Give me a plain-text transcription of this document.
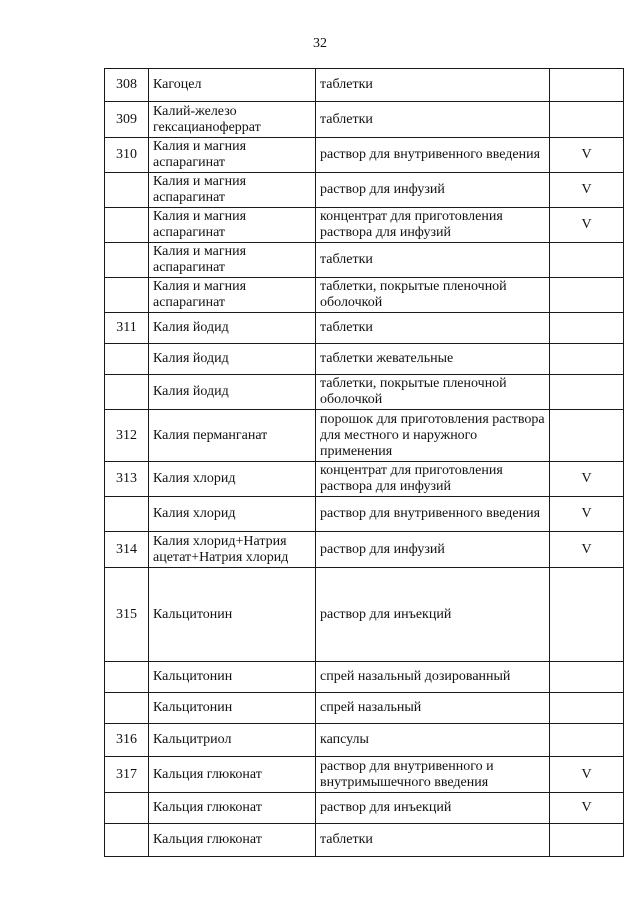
32
308	Кагоцел	таблетки	
309	Калий-железо гексацианоферрат	таблетки	
310	Калия и магния аспарагинат	раствор для внутривенного введения	V
	Калия и магния аспарагинат	раствор для инфузий	V
	Калия и магния аспарагинат	концентрат для приготовления раствора для инфузий	V
	Калия и магния аспарагинат	таблетки	
	Калия и магния аспарагинат	таблетки, покрытые пленочной оболочкой	
311	Калия йодид	таблетки	
	Калия йодид	таблетки жевательные	
	Калия йодид	таблетки, покрытые пленочной оболочкой	
312	Калия перманганат	порошок для приготовления раствора для местного и наружного применения	
313	Калия хлорид	концентрат для приготовления раствора для инфузий	V
	Калия хлорид	раствор для внутривенного введения	V
314	Калия хлорид+Натрия ацетат+Натрия хлорид	раствор для инфузий	V
315	Кальцитонин	раствор для инъекций	
	Кальцитонин	спрей назальный дозированный	
	Кальцитонин	спрей назальный	
316	Кальцитриол	капсулы	
317	Кальция глюконат	раствор для внутривенного и внутримышечного введения	V
	Кальция глюконат	раствор для инъекций	V
	Кальция глюконат	таблетки	
